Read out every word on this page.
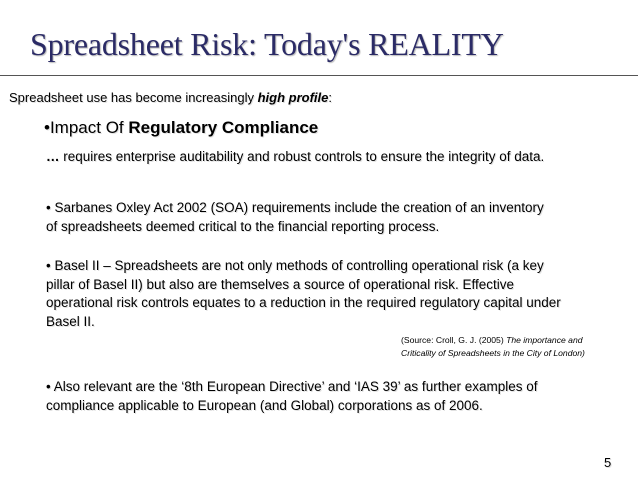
Spreadsheet Risk: Today's REALITY
Spreadsheet use has become increasingly high profile:
•Impact Of Regulatory Compliance
… requires enterprise auditability and robust controls to ensure the integrity of data.
• Sarbanes Oxley Act 2002 (SOA) requirements include the creation of an inventory
of spreadsheets deemed critical to the financial reporting process.
• Basel II – Spreadsheets are not only methods of controlling operational risk (a key
pillar of Basel II) but also are themselves a source of operational risk. Effective
operational risk controls equates to a reduction in the required regulatory capital under
Basel II.
(Source: Croll, G. J. (2005) The importance and
Criticality of Spreadsheets in the City of London)
• Also relevant are the ‘8th European Directive’ and ‘IAS 39’ as further examples of
compliance applicable to European (and Global) corporations as of 2006.
5
